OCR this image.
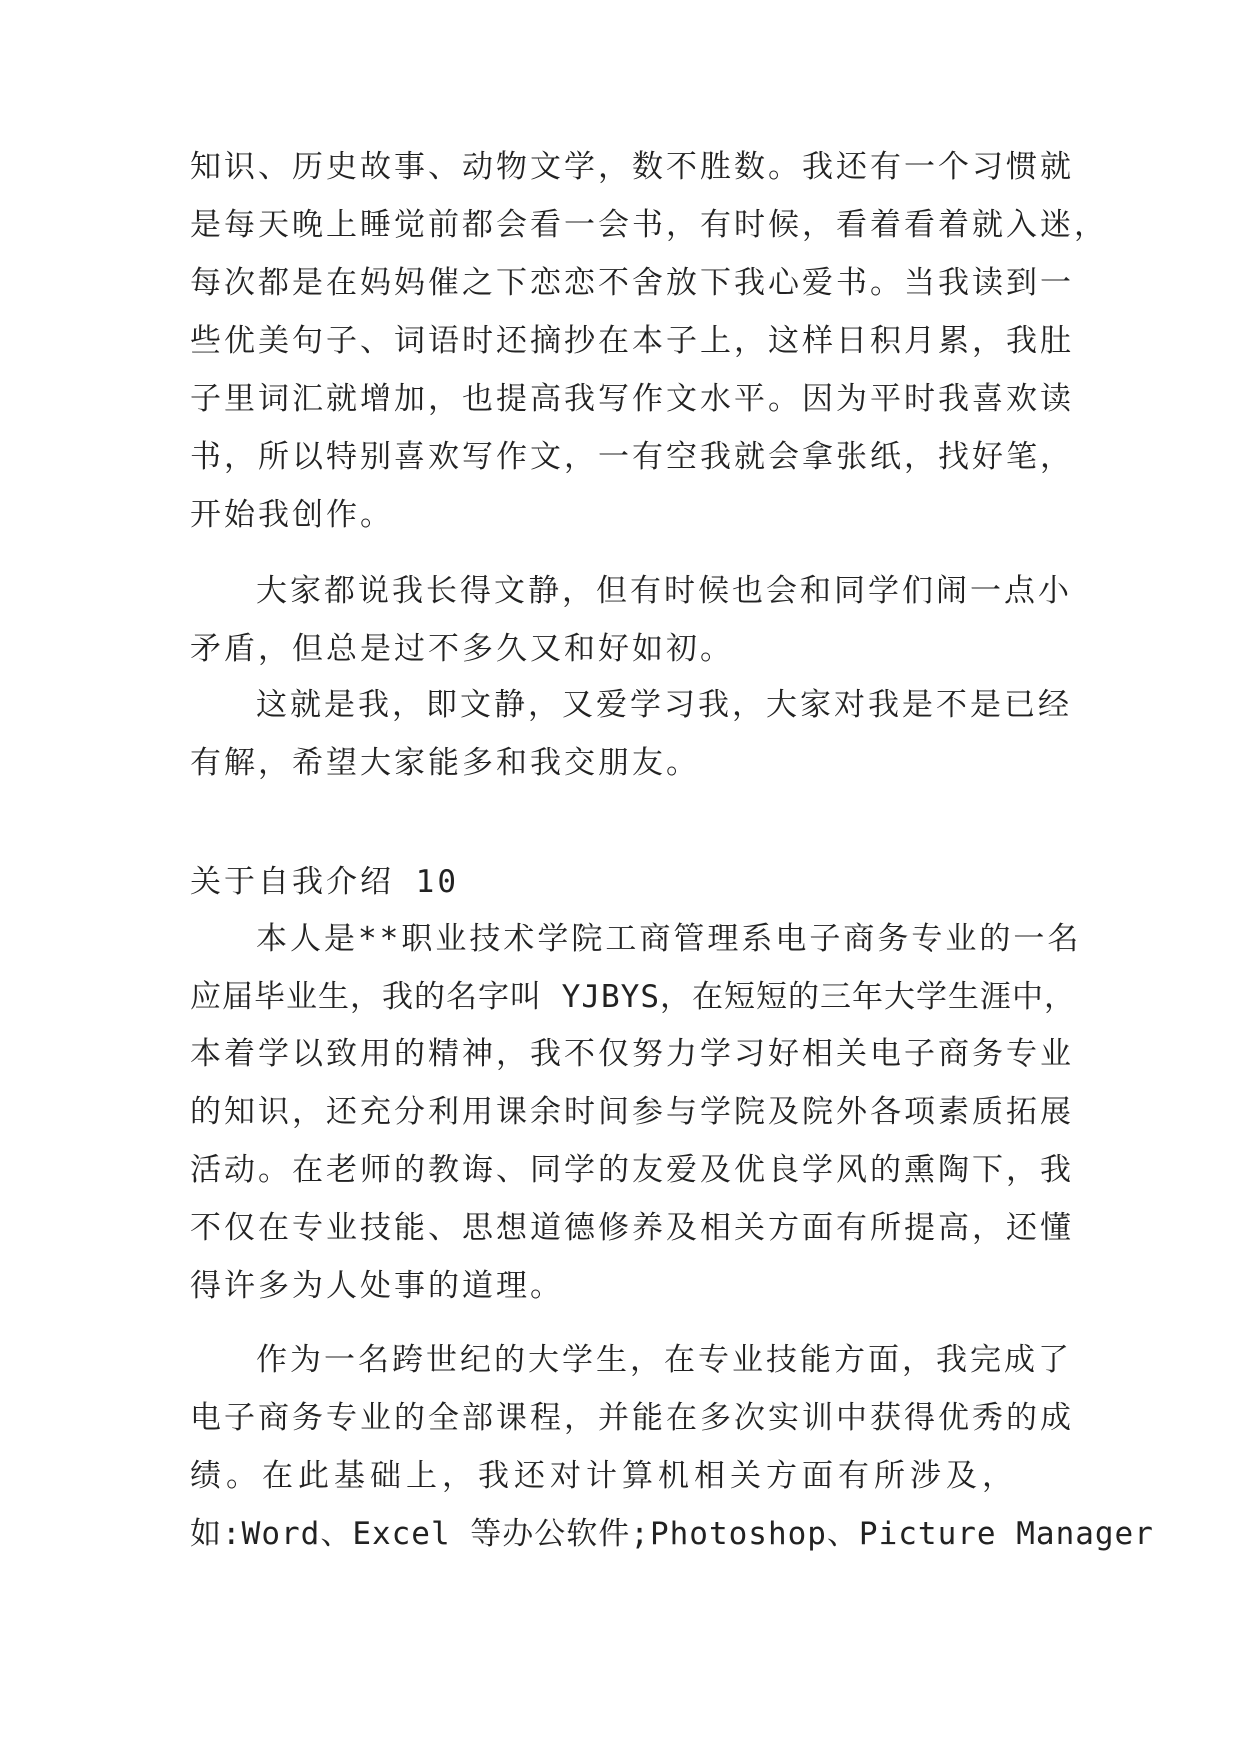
知识、历史故事、动物文学，数不胜数。我还有一个习惯就
是每天晚上睡觉前都会看一会书，有时候，看着看着就入迷，
每次都是在妈妈催之下恋恋不舍放下我心爱书。当我读到一
些优美句子、词语时还摘抄在本子上，这样日积月累，我肚
子里词汇就增加，也提高我写作文水平。因为平时我喜欢读
书，所以特别喜欢写作文，一有空我就会拿张纸，找好笔，
开始我创作。
大家都说我长得文静，但有时候也会和同学们闹一点小
矛盾，但总是过不多久又和好如初。
这就是我，即文静，又爱学习我，大家对我是不是已经
有解，希望大家能多和我交朋友。
关于自我介绍 10
本人是**职业技术学院工商管理系电子商务专业的一名
应届毕业生，我的名字叫 YJBYS，在短短的三年大学生涯中，
本着学以致用的精神，我不仅努力学习好相关电子商务专业
的知识，还充分利用课余时间参与学院及院外各项素质拓展
活动。在老师的教诲、同学的友爱及优良学风的熏陶下，我
不仅在专业技能、思想道德修养及相关方面有所提高，还懂
得许多为人处事的道理。
作为一名跨世纪的大学生，在专业技能方面，我完成了
电子商务专业的全部课程，并能在多次实训中获得优秀的成
绩。在此基础上，我还对计算机相关方面有所涉及，
如:Word、Excel 等办公软件;Photoshop、Picture Manager
